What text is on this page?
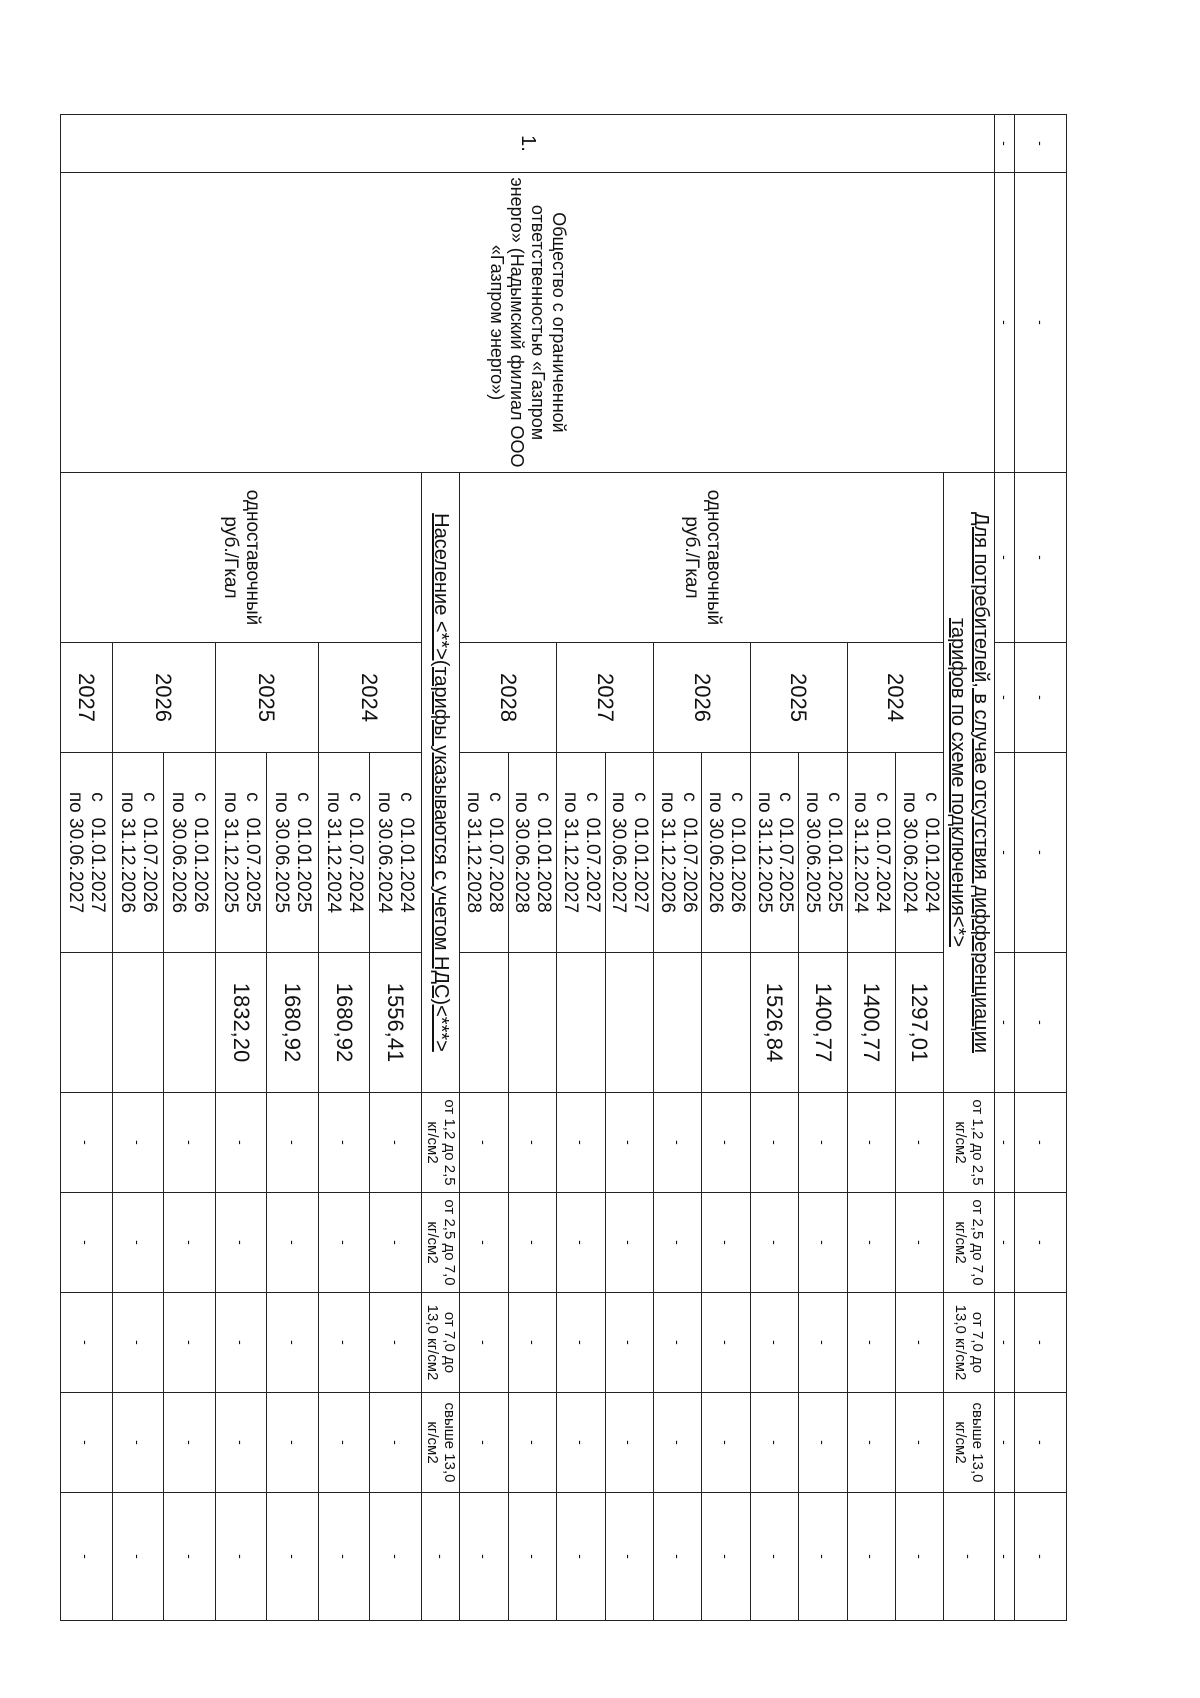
-	-	-	-	-	-	-	-	-	-	-
-	-	-	-	-	-	-	-	-	-	-
1.	Общество с ограниченной ответственностью «Газпром энерго» (Надымский филиал ООО «Газпром энерго»)	Для потребителей, в случае отсутствия дифференциации тарифов по схеме подключения<*>				от 1,2 до 2,5 кг/см2	от 2,5 до 7,0 кг/см2	от 7,0 до 13,0 кг/см2	свыше 13,0 кг/см2	-
		одноставочный руб./Гкал	2024	с   01.01.2024
по 30.06.2024	1297,01	-	-	-	-	-
				с   01.07.2024
по 31.12.2024	1400,77	-	-	-	-	-
			2025	с   01.01.2025
по 30.06.2025	1400,77	-	-	-	-	-
				с   01.07.2025
по 31.12.2025	1526,84	-	-	-	-	-
			2026	с   01.01.2026
по 30.06.2026		-	-	-	-	-
				с   01.07.2026
по 31.12.2026		-	-	-	-	-
			2027	с   01.01.2027
по 30.06.2027		-	-	-	-	-
				с   01.07.2027
по 31.12.2027		-	-	-	-	-
			2028	с   01.01.2028
по 30.06.2028		-	-	-	-	-
				с   01.07.2028
по 31.12.2028		-	-	-	-	-
		Население <**>(тарифы указываются с учетом НДС)<***>				от 1,2 до 2,5 кг/см2	от 2,5 до 7,0 кг/см2	от 7,0 до 13,0 кг/см2	свыше 13,0 кг/см2	-
		одноставочный руб./Гкал	2024	с   01.01.2024
по 30.06.2024	1556,41	-	-	-	-	-
				с   01.07.2024
по 31.12.2024	1680,92	-	-	-	-	-
			2025	с   01.01.2025
по 30.06.2025	1680,92	-	-	-	-	-
				с   01.07.2025
по 31.12.2025	1832,20	-	-	-	-	-
			2026	с   01.01.2026
по 30.06.2026		-	-	-	-	-
				с   01.07.2026
по 31.12.2026		-	-	-	-	-
			2027	с   01.01.2027
по 30.06.2027		-	-	-	-	-
